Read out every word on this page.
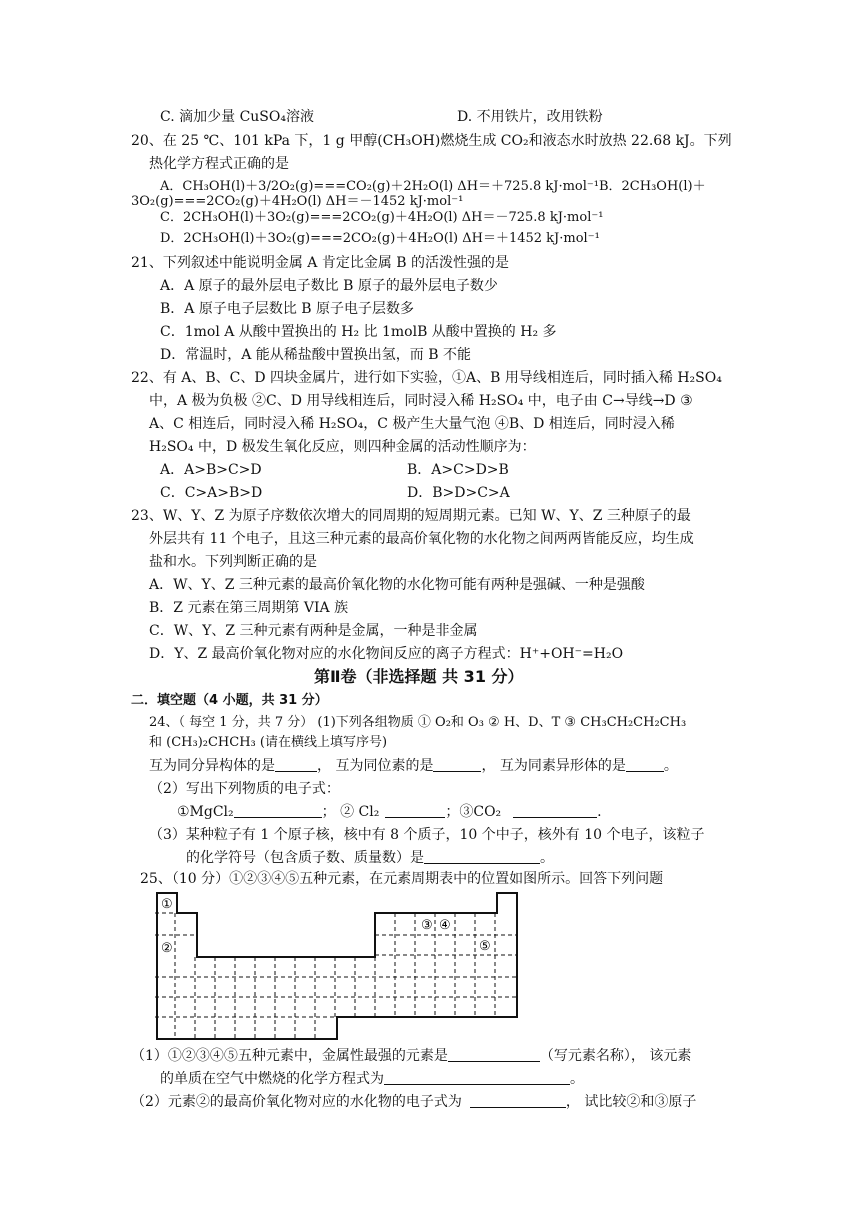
C. 滴加少量 CuSO₄溶液	D. 不用铁片，改用铁粉
20、在 25 ℃、101 kPa 下，1 g 甲醇(CH₃OH)燃烧生成 CO₂和液态水时放热 22.68 kJ。下列
热化学方程式正确的是
A．CH₃OH(l)＋3/2O₂(g)===CO₂(g)＋2H₂O(l) ΔH＝＋725.8 kJ·mol⁻¹B．2CH₃OH(l)＋
3O₂(g)===2CO₂(g)＋4H₂O(l) ΔH＝－1452 kJ·mol⁻¹
C．2CH₃OH(l)＋3O₂(g)===2CO₂(g)＋4H₂O(l) ΔH＝－725.8 kJ·mol⁻¹
D．2CH₃OH(l)＋3O₂(g)===2CO₂(g)＋4H₂O(l) ΔH＝＋1452 kJ·mol⁻¹
21、下列叙述中能说明金属 A 肯定比金属 B 的活泼性强的是
A．A 原子的最外层电子数比 B 原子的最外层电子数少
B．A 原子电子层数比 B 原子电子层数多
C．1mol A 从酸中置换出的 H₂ 比 1molB 从酸中置换的 H₂ 多
D．常温时，A 能从稀盐酸中置换出氢，而 B 不能
22、有 A、B、C、D 四块金属片，进行如下实验，①A、B 用导线相连后，同时插入稀 H₂SO₄
中，A 极为负极 ②C、D 用导线相连后，同时浸入稀 H₂SO₄ 中，电子由 C→导线→D ③
A、C 相连后，同时浸入稀 H₂SO₄，C 极产生大量气泡 ④B、D 相连后，同时浸入稀
H₂SO₄ 中，D 极发生氧化反应，则四种金属的活动性顺序为：
A．A>B>C>D	B．A>C>D>B
C．C>A>B>D	D．B>D>C>A
23、W、Y、Z 为原子序数依次增大的同周期的短周期元素。已知 W、Y、Z 三种原子的最
外层共有 11 个电子，且这三种元素的最高价氧化物的水化物之间两两皆能反应，均生成
盐和水。下列判断正确的是
A．W、Y、Z 三种元素的最高价氧化物的水化物可能有两种是强碱、一种是强酸
B．Z 元素在第三周期第 VIA 族
C．W、Y、Z 三种元素有两种是金属，一种是非金属
D．Y、Z 最高价氧化物对应的水化物间反应的离子方程式：H⁺+OH⁻=H₂O
第Ⅱ卷（非选择题 共 31 分）
二．填空题（4 小题，共 31 分）
24、（ 每空 1 分，共 7 分） (1)下列各组物质 ① O₂和 O₃ ② H、D、T ③ CH₃CH₂CH₂CH₃
和 (CH₃)₂CHCH₃ (请在横线上填写序号)
互为同分异构体的是	， 互为同位素的是	， 互为同素异形体的是	。
（2）写出下列物质的电子式：
①MgCl₂	； ② Cl₂	；③CO₂	.
（3）某种粒子有 1 个原子核，核中有 8 个质子，10 个中子，核外有 10 个电子，该粒子
的化学符号（包含质子数、质量数）是	。
25、（10 分）①②③④⑤五种元素，在元素周期表中的位置如图所示。回答下列问题
①
②
③ ④
⑤
（1）①②③④⑤五种元素中，金属性最强的元素是	（写元素名称）， 该元素
的单质在空气中燃烧的化学方程式为	。
（2）元素②的最高价氧化物对应的水化物的电子式为	， 试比较②和③原子
